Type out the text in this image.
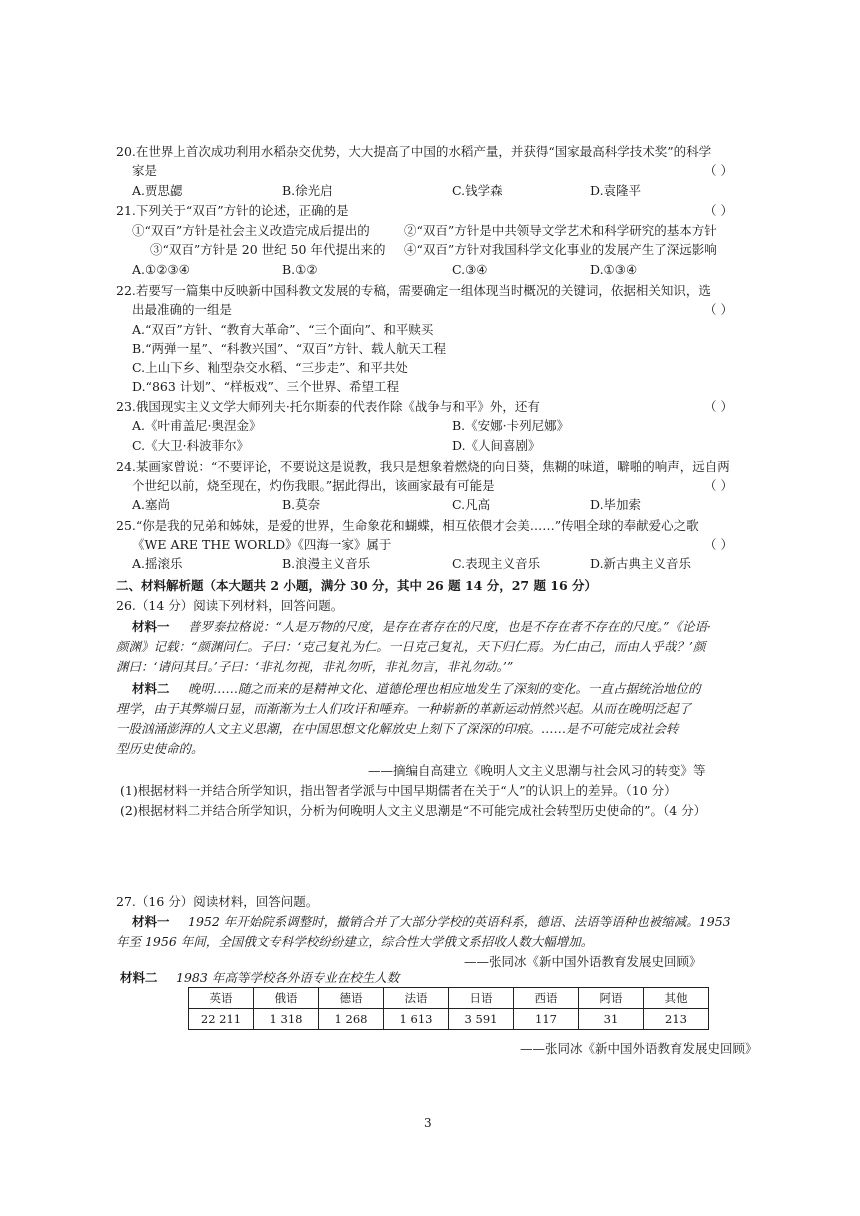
20.在世界上首次成功利用水稻杂交优势，大大提高了中国的水稻产量，并获得“国家最高科学技术奖”的科学
家是	（ ）
A.贾思勰	B.徐光启	C.钱学森	D.袁隆平
21.下列关于“双百”方针的论述，正确的是	（ ）
①“双百”方针是社会主义改造完成后提出的	②“双百”方针是中共领导文学艺术和科学研究的基本方针
③“双百”方针是 20 世纪 50 年代提出来的 ④“双百”方针对我国科学文化事业的发展产生了深远影响
A.①②③④	B.①②	C.③④	D.①③④
22.若要写一篇集中反映新中国科教文发展的专稿，需要确定一组体现当时概况的关键词，依据相关知识，选
出最准确的一组是	（ ）
A.“双百”方针、“教育大革命”、“三个面向”、和平赎买
B.“两弹一星”、“科教兴国”、“双百”方针、载人航天工程
C.上山下乡、籼型杂交水稻、“三步走”、和平共处
D.“863 计划”、“样板戏”、三个世界、希望工程
23.俄国现实主义文学大师列夫·托尔斯泰的代表作除《战争与和平》外，还有	（ ）
A.《叶甫盖尼·奥涅金》	B.《安娜·卡列尼娜》
C.《大卫·科波菲尔》	D.《人间喜剧》
24.某画家曾说：“不要评论，不要说这是说教，我只是想象着燃烧的向日葵，焦糊的味道，噼啪的响声，远自两
个世纪以前，烧至现在，灼伤我眼。”据此得出，该画家最有可能是	（ ）
A.塞尚	B.莫奈	C.凡高	D.毕加索
25.“你是我的兄弟和姊妹，是爱的世界，生命象花和蝴蝶，相互依偎才会美……”传唱全球的奉献爱心之歌
《WE ARE THE WORLD》《四海一家》属于	（ ）
A.摇滚乐	B.浪漫主义音乐	C.表现主义音乐	D.新古典主义音乐
二、材料解析题（本大题共 2 小题，满分 30 分，其中 26 题 14 分，27 题 16 分）
26.（14 分）阅读下列材料，回答问题。
材料一 普罗泰拉格说：“人是万物的尺度，是存在者存在的尺度，也是不存在者不存在的尺度。”《论语·
颜渊》记载：“颜渊问仁。子曰：‘克己复礼为仁。一日克己复礼，天下归仁焉。为仁由己，而由人乎哉？’颜
渊曰：‘请问其目。’子曰：‘非礼勿视，非礼勿听，非礼勿言，非礼勿动。’”
材料二 晚明……随之而来的是精神文化、道德伦理也相应地发生了深刻的变化。一直占据统治地位的
理学，由于其弊端日显，而渐渐为士人们攻讦和唾弃。一种崭新的革新运动悄然兴起。从而在晚明泛起了
一股汹涌澎湃的人文主义思潮，在中国思想文化解放史上刻下了深深的印痕。……是不可能完成社会转
型历史使命的。
——摘编自高建立《晚明人文主义思潮与社会风习的转变》等
(1)根据材料一并结合所学知识，指出智者学派与中国早期儒者在关于“人”的认识上的差异。（10 分）
(2)根据材料二并结合所学知识，分析为何晚明人文主义思潮是“不可能完成社会转型历史使命的”。（4 分）
27.（16 分）阅读材料，回答问题。
材料一 1952 年开始院系调整时，撤销合并了大部分学校的英语科系，德语、法语等语种也被缩减。1953
年至 1956 年间，全国俄文专科学校纷纷建立，综合性大学俄文系招收人数大幅增加。
——张同冰《新中国外语教育发展史回顾》
材料二 1983 年高等学校各外语专业在校生人数
英语	俄语	德语	法语	日语	西语	阿语	其他
22 211	1 318	1 268	1 613	3 591	117	31	213
——张同冰《新中国外语教育发展史回顾》
3
